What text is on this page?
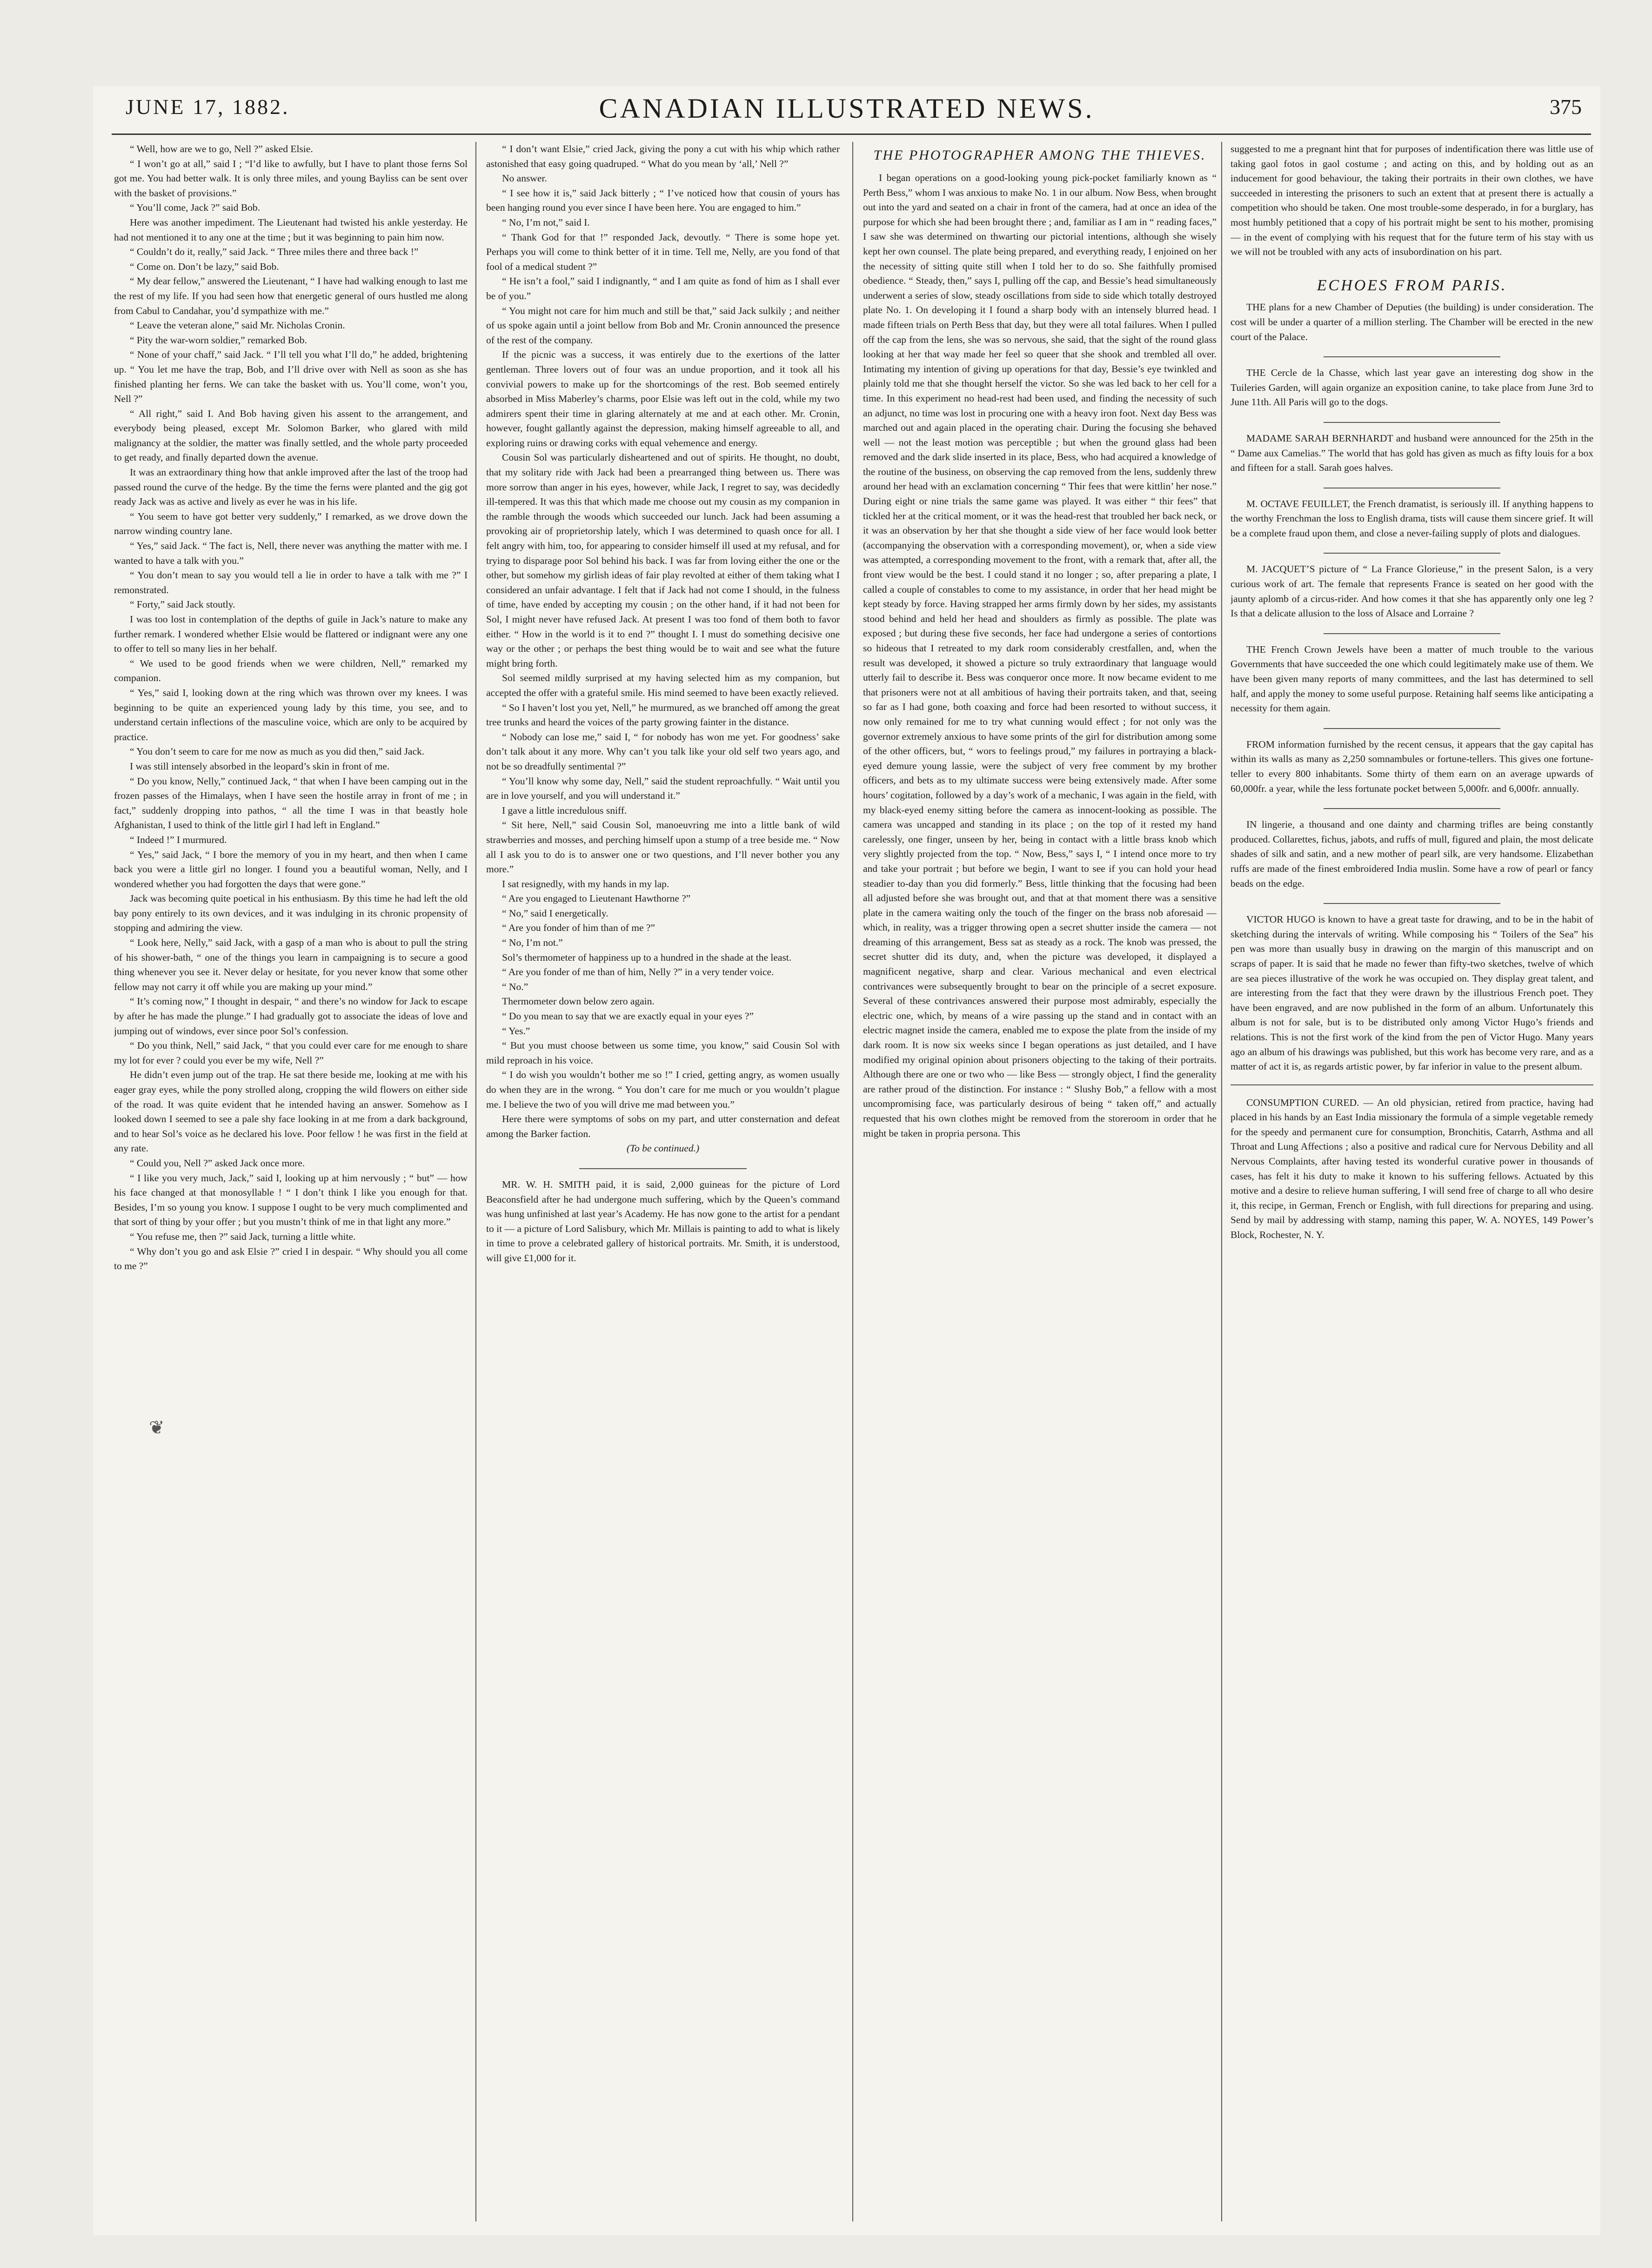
JUNE 17, 1882.	CANADIAN ILLUSTRATED NEWS.	375

“ Well, how are we to go, Nell ?” asked Elsie.

“ I won’t go at all,” said I ; “I’d like to awfully, but I have to plant those ferns Sol got me. You had better walk. It is only three miles, and young Bayliss can be sent over with the basket of provisions.”

“ You’ll come, Jack ?” said Bob.

Here was another impediment. The Lieutenant had twisted his ankle yesterday. He had not mentioned it to any one at the time ; but it was beginning to pain him now.

“ Couldn’t do it, really,” said Jack. “ Three miles there and three back !”

“ Come on. Don’t be lazy,” said Bob.

“ My dear fellow,” answered the Lieutenant, “ I have had walking enough to last me the rest of my life. If you had seen how that energetic general of ours hustled me along from Cabul to Candahar, you’d sympathize with me.”

“ Leave the veteran alone,” said Mr. Nicholas Cronin.

“ Pity the war-worn soldier,” remarked Bob.

“ None of your chaff,” said Jack. “ I’ll tell you what I’ll do,” he added, brightening up. “ You let me have the trap, Bob, and I’ll drive over with Nell as soon as she has finished planting her ferns. We can take the basket with us. You’ll come, won’t you, Nell ?”

“ All right,” said I. And Bob having given his assent to the arrangement, and everybody being pleased, except Mr. Solomon Barker, who glared with mild malignancy at the soldier, the matter was finally settled, and the whole party proceeded to get ready, and finally departed down the avenue.

It was an extraordinary thing how that ankle improved after the last of the troop had passed round the curve of the hedge. By the time the ferns were planted and the gig got ready Jack was as active and lively as ever he was in his life.

“ You seem to have got better very suddenly,” I remarked, as we drove down the narrow winding country lane.

“ Yes,” said Jack. “ The fact is, Nell, there never was anything the matter with me. I wanted to have a talk with you.”

“ You don’t mean to say you would tell a lie in order to have a talk with me ?” I remonstrated.

“ Forty,” said Jack stoutly.

I was too lost in contemplation of the depths of guile in Jack’s nature to make any further remark. I wondered whether Elsie would be flattered or indignant were any one to offer to tell so many lies in her behalf.

“ We used to be good friends when we were children, Nell,” remarked my companion.

“ Yes,” said I, looking down at the ring which was thrown over my knees. I was beginning to be quite an experienced young lady by this time, you see, and to understand certain inflections of the masculine voice, which are only to be acquired by practice.

“ You don’t seem to care for me now as much as you did then,” said Jack.

I was still intensely absorbed in the leopard’s skin in front of me.

“ Do you know, Nelly,” continued Jack, “ that when I have been camping out in the frozen passes of the Himalays, when I have seen the hostile array in front of me ; in fact,” suddenly dropping into pathos, “ all the time I was in that beastly hole Afghanistan, I used to think of the little girl I had left in England.”

“ Indeed !” I murmured.

“ Yes,” said Jack, “ I bore the memory of you in my heart, and then when I came back you were a little girl no longer. I found you a beautiful woman, Nelly, and I wondered whether you had forgotten the days that were gone.”

Jack was becoming quite poetical in his enthusiasm. By this time he had left the old bay pony entirely to its own devices, and it was indulging in its chronic propensity of stopping and admiring the view.

“ Look here, Nelly,” said Jack, with a gasp of a man who is about to pull the string of his shower-bath, “ one of the things you learn in campaigning is to secure a good thing whenever you see it. Never delay or hesitate, for you never know that some other fellow may not carry it off while you are making up your mind.”

“ It’s coming now,” I thought in despair, “ and there’s no window for Jack to escape by after he has made the plunge.” I had gradually got to associate the ideas of love and jumping out of windows, ever since poor Sol’s confession.

“ Do you think, Nell,” said Jack, “ that you could ever care for me enough to share my lot for ever ? could you ever be my wife, Nell ?”

He didn’t even jump out of the trap. He sat there beside me, looking at me with his eager gray eyes, while the pony strolled along, cropping the wild flowers on either side of the road. It was quite evident that he intended having an answer. Somehow as I looked down I seemed to see a pale shy face looking in at me from a dark background, and to hear Sol’s voice as he declared his love. Poor fellow ! he was first in the field at any rate.

“ Could you, Nell ?” asked Jack once more.

“ I like you very much, Jack,” said I, looking up at him nervously ; “ but” — how his face changed at that monosyllable ! “ I don’t think I like you enough for that. Besides, I’m so young you know. I suppose I ought to be very much complimented and that sort of thing by your offer ; but you mustn’t think of me in that light any more.”

“ You refuse me, then ?” said Jack, turning a little white.

“ Why don’t you go and ask Elsie ?” cried I in despair. “ Why should you all come to me ?”

“ I don’t want Elsie,” cried Jack, giving the pony a cut with his whip which rather astonished that easy going quadruped. “ What do you mean by ‘all,’ Nell ?”

No answer.

“ I see how it is,” said Jack bitterly ; “ I’ve noticed how that cousin of yours has been hanging round you ever since I have been here. You are engaged to him.”

“ No, I’m not,” said I.

“ Thank God for that !” responded Jack, devoutly. “ There is some hope yet. Perhaps you will come to think better of it in time. Tell me, Nelly, are you fond of that fool of a medical student ?”

“ He isn’t a fool,” said I indignantly, “ and I am quite as fond of him as I shall ever be of you.”

“ You might not care for him much and still be that,” said Jack sulkily ; and neither of us spoke again until a joint bellow from Bob and Mr. Cronin announced the presence of the rest of the company.

If the picnic was a success, it was entirely due to the exertions of the latter gentleman. Three lovers out of four was an undue proportion, and it took all his convivial powers to make up for the shortcomings of the rest. Bob seemed entirely absorbed in Miss Maberley’s charms, poor Elsie was left out in the cold, while my two admirers spent their time in glaring alternately at me and at each other. Mr. Cronin, however, fought gallantly against the depression, making himself agreeable to all, and exploring ruins or drawing corks with equal vehemence and energy.

Cousin Sol was particularly disheartened and out of spirits. He thought, no doubt, that my solitary ride with Jack had been a prearranged thing between us. There was more sorrow than anger in his eyes, however, while Jack, I regret to say, was decidedly ill-tempered. It was this that which made me choose out my cousin as my companion in the ramble through the woods which succeeded our lunch. Jack had been assuming a provoking air of proprietorship lately, which I was determined to quash once for all. I felt angry with him, too, for appearing to consider himself ill used at my refusal, and for trying to disparage poor Sol behind his back. I was far from loving either the one or the other, but somehow my girlish ideas of fair play revolted at either of them taking what I considered an unfair advantage. I felt that if Jack had not come I should, in the fulness of time, have ended by accepting my cousin ; on the other hand, if it had not been for Sol, I might never have refused Jack. At present I was too fond of them both to favor either. “ How in the world is it to end ?” thought I. I must do something decisive one way or the other ; or perhaps the best thing would be to wait and see what the future might bring forth.

Sol seemed mildly surprised at my having selected him as my companion, but accepted the offer with a grateful smile. His mind seemed to have been exactly relieved.

“ So I haven’t lost you yet, Nell,” he murmured, as we branched off among the great tree trunks and heard the voices of the party growing fainter in the distance.

“ Nobody can lose me,” said I, “ for nobody has won me yet. For goodness’ sake don’t talk about it any more. Why can’t you talk like your old self two years ago, and not be so dreadfully sentimental ?”

“ You’ll know why some day, Nell,” said the student reproachfully. “ Wait until you are in love yourself, and you will understand it.”

I gave a little incredulous sniff.

“ Sit here, Nell,” said Cousin Sol, manoeuvring me into a little bank of wild strawberries and mosses, and perching himself upon a stump of a tree beside me. “ Now all I ask you to do is to answer one or two questions, and I’ll never bother you any more.”

I sat resignedly, with my hands in my lap.

“ Are you engaged to Lieutenant Hawthorne ?”

“ No,” said I energetically.

“ Are you fonder of him than of me ?”

“ No, I’m not.”

Sol’s thermometer of happiness up to a hundred in the shade at the least.

“ Are you fonder of me than of him, Nelly ?” in a very tender voice.

“ No.”

Thermometer down below zero again.

“ Do you mean to say that we are exactly equal in your eyes ?”

“ Yes.”

“ But you must choose between us some time, you know,” said Cousin Sol with mild reproach in his voice.

“ I do wish you wouldn’t bother me so !” I cried, getting angry, as women usually do when they are in the wrong. “ You don’t care for me much or you wouldn’t plague me. I believe the two of you will drive me mad between you.”

Here there were symptoms of sobs on my part, and utter consternation and defeat among the Barker faction.

(To be continued.)

MR. W. H. SMITH paid, it is said, 2,000 guineas for the picture of Lord Beaconsfield after he had undergone much suffering, which by the Queen’s command was hung unfinished at last year’s Academy. He has now gone to the artist for a pendant to it — a picture of Lord Salisbury, which Mr. Millais is painting to add to what is likely in time to prove a celebrated gallery of historical portraits. Mr. Smith, it is understood, will give £1,000 for it.

THE PHOTOGRAPHER AMONG THE THIEVES.

I began operations on a good-looking young pick-pocket familiarly known as “ Perth Bess,” whom I was anxious to make No. 1 in our album. Now Bess, when brought out into the yard and seated on a chair in front of the camera, had at once an idea of the purpose for which she had been brought there ; and, familiar as I am in “ reading faces,” I saw she was determined on thwarting our pictorial intentions, although she wisely kept her own counsel. The plate being prepared, and everything ready, I enjoined on her the necessity of sitting quite still when I told her to do so. She faithfully promised obedience. “ Steady, then,” says I, pulling off the cap, and Bessie’s head simultaneously underwent a series of slow, steady oscillations from side to side which totally destroyed plate No. 1. On developing it I found a sharp body with an intensely blurred head. I made fifteen trials on Perth Bess that day, but they were all total failures. When I pulled off the cap from the lens, she was so nervous, she said, that the sight of the round glass looking at her that way made her feel so queer that she shook and trembled all over. Intimating my intention of giving up operations for that day, Bessie’s eye twinkled and plainly told me that she thought herself the victor. So she was led back to her cell for a time. In this experiment no head-rest had been used, and finding the necessity of such an adjunct, no time was lost in procuring one with a heavy iron foot. Next day Bess was marched out and again placed in the operating chair. During the focusing she behaved well — not the least motion was perceptible ; but when the ground glass had been removed and the dark slide inserted in its place, Bess, who had acquired a knowledge of the routine of the business, on observing the cap removed from the lens, suddenly threw around her head with an exclamation concerning “ Thir fees that were kittlin’ her nose.” During eight or nine trials the same game was played. It was either “ thir fees” that tickled her at the critical moment, or it was the head-rest that troubled her back neck, or it was an observation by her that she thought a side view of her face would look better (accompanying the observation with a corresponding movement), or, when a side view was attempted, a corresponding movement to the front, with a remark that, after all, the front view would be the best. I could stand it no longer ; so, after preparing a plate, I called a couple of constables to come to my assistance, in order that her head might be kept steady by force. Having strapped her arms firmly down by her sides, my assistants stood behind and held her head and shoulders as firmly as possible. The plate was exposed ; but during these five seconds, her face had undergone a series of contortions so hideous that I retreated to my dark room considerably crestfallen, and, when the result was developed, it showed a picture so truly extraordinary that language would utterly fail to describe it. Bess was conqueror once more. It now became evident to me that prisoners were not at all ambitious of having their portraits taken, and that, seeing so far as I had gone, both coaxing and force had been resorted to without success, it now only remained for me to try what cunning would effect ; for not only was the governor extremely anxious to have some prints of the girl for distribution among some of the other officers, but, “ wors to feelings proud,” my failures in portraying a black-eyed demure young lassie, were the subject of very free comment by my brother officers, and bets as to my ultimate success were being extensively made. After some hours’ cogitation, followed by a day’s work of a mechanic, I was again in the field, with my black-eyed enemy sitting before the camera as innocent-looking as possible. The camera was uncapped and standing in its place ; on the top of it rested my hand carelessly, one finger, unseen by her, being in contact with a little brass knob which very slightly projected from the top. “ Now, Bess,” says I, “ I intend once more to try and take your portrait ; but before we begin, I want to see if you can hold your head steadier to-day than you did formerly.” Bess, little thinking that the focusing had been all adjusted before she was brought out, and that at that moment there was a sensitive plate in the camera waiting only the touch of the finger on the brass nob aforesaid — which, in reality, was a trigger throwing open a secret shutter inside the camera — not dreaming of this arrangement, Bess sat as steady as a rock. The knob was pressed, the secret shutter did its duty, and, when the picture was developed, it displayed a magnificent negative, sharp and clear. Various mechanical and even electrical contrivances were subsequently brought to bear on the principle of a secret exposure. Several of these contrivances answered their purpose most admirably, especially the electric one, which, by means of a wire passing up the stand and in contact with an electric magnet inside the camera, enabled me to expose the plate from the inside of my dark room. It is now six weeks since I began operations as just detailed, and I have modified my original opinion about prisoners objecting to the taking of their portraits. Although there are one or two who — like Bess — strongly object, I find the generality are rather proud of the distinction. For instance : “ Slushy Bob,” a fellow with a most uncompromising face, was particularly desirous of being “ taken off,” and actually requested that his own clothes might be removed from the storeroom in order that he might be taken in propria persona. This

suggested to me a pregnant hint that for purposes of indentification there was little use of taking gaol fotos in gaol costume ; and acting on this, and by holding out as an inducement for good behaviour, the taking their portraits in their own clothes, we have succeeded in interesting the prisoners to such an extent that at present there is actually a competition who should be taken. One most trouble-some desperado, in for a burglary, has most humbly petitioned that a copy of his portrait might be sent to his mother, promising — in the event of complying with his request that for the future term of his stay with us we will not be troubled with any acts of insubordination on his part.

ECHOES FROM PARIS.

THE plans for a new Chamber of Deputies (the building) is under consideration. The cost will be under a quarter of a million sterling. The Chamber will be erected in the new court of the Palace.

THE Cercle de la Chasse, which last year gave an interesting dog show in the Tuileries Garden, will again organize an exposition canine, to take place from June 3rd to June 11th. All Paris will go to the dogs.

MADAME SARAH BERNHARDT and husband were announced for the 25th in the “ Dame aux Camelias.” The world that has gold has given as much as fifty louis for a box and fifteen for a stall. Sarah goes halves.

M. OCTAVE FEUILLET, the French dramatist, is seriously ill. If anything happens to the worthy Frenchman the loss to English drama, tists will cause them sincere grief. It will be a complete fraud upon them, and close a never-failing supply of plots and dialogues.

M. JACQUET’S picture of “ La France Glorieuse,” in the present Salon, is a very curious work of art. The female that represents France is seated on her good with the jaunty aplomb of a circus-rider. And how comes it that she has apparently only one leg ? Is that a delicate allusion to the loss of Alsace and Lorraine ?

THE French Crown Jewels have been a matter of much trouble to the various Governments that have succeeded the one which could legitimately make use of them. We have been given many reports of many committees, and the last has determined to sell half, and apply the money to some useful purpose. Retaining half seems like anticipating a necessity for them again.

FROM information furnished by the recent census, it appears that the gay capital has within its walls as many as 2,250 somnambules or fortune-tellers. This gives one fortune-teller to every 800 inhabitants. Some thirty of them earn on an average upwards of 60,000fr. a year, while the less fortunate pocket between 5,000fr. and 6,000fr. annually.

IN lingerie, a thousand and one dainty and charming trifles are being constantly produced. Collarettes, fichus, jabots, and ruffs of mull, figured and plain, the most delicate shades of silk and satin, and a new mother of pearl silk, are very handsome. Elizabethan ruffs are made of the finest embroidered India muslin. Some have a row of pearl or fancy beads on the edge.

VICTOR HUGO is known to have a great taste for drawing, and to be in the habit of sketching during the intervals of writing. While composing his “ Toilers of the Sea” his pen was more than usually busy in drawing on the margin of this manuscript and on scraps of paper. It is said that he made no fewer than fifty-two sketches, twelve of which are sea pieces illustrative of the work he was occupied on. They display great talent, and are interesting from the fact that they were drawn by the illustrious French poet. They have been engraved, and are now published in the form of an album. Unfortunately this album is not for sale, but is to be distributed only among Victor Hugo’s friends and relations. This is not the first work of the kind from the pen of Victor Hugo. Many years ago an album of his drawings was published, but this work has become very rare, and as a matter of act it is, as regards artistic power, by far inferior in value to the present album.

CONSUMPTION CURED. — An old physician, retired from practice, having had placed in his hands by an East India missionary the formula of a simple vegetable remedy for the speedy and permanent cure for consumption, Bronchitis, Catarrh, Asthma and all Throat and Lung Affections ; also a positive and radical cure for Nervous Debility and all Nervous Complaints, after having tested its wonderful curative power in thousands of cases, has felt it his duty to make it known to his suffering fellows. Actuated by this motive and a desire to relieve human suffering, I will send free of charge to all who desire it, this recipe, in German, French or English, with full directions for preparing and using. Send by mail by addressing with stamp, naming this paper, W. A. NOYES, 149 Power’s Block, Rochester, N. Y.

❦
